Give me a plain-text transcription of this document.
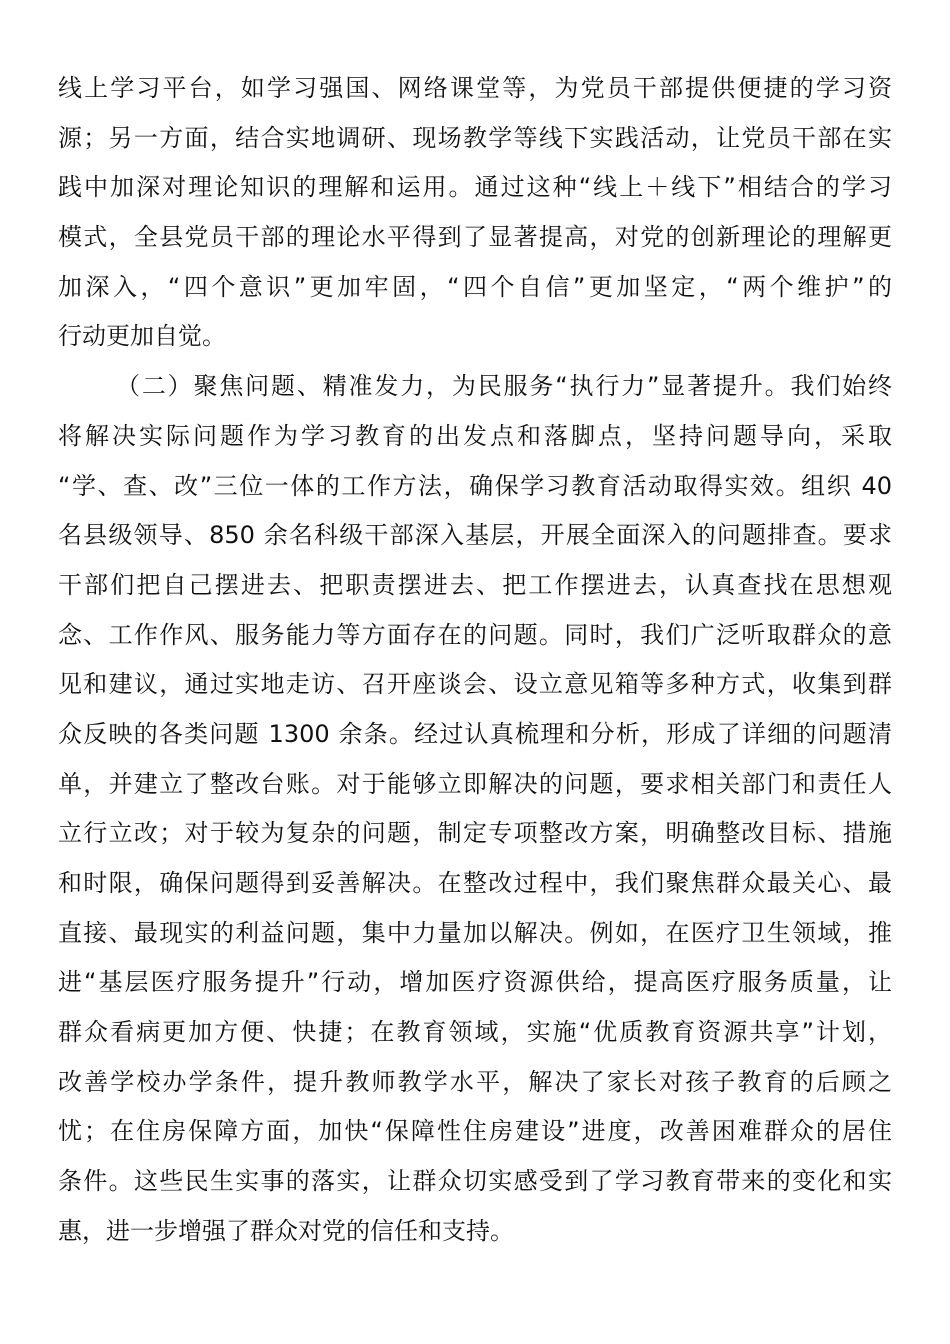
线上学习平台，如学习强国、网络课堂等，为党员干部提供便捷的学习资
源；另一方面，结合实地调研、现场教学等线下实践活动，让党员干部在实
践中加深对理论知识的理解和运用。通过这种“线上＋线下”相结合的学习
模式，全县党员干部的理论水平得到了显著提高，对党的创新理论的理解更
加深入，“四个意识”更加牢固，“四个自信”更加坚定，“两个维护”的
行动更加自觉。
（二）聚焦问题、精准发力，为民服务“执行力”显著提升。我们始终
将解决实际问题作为学习教育的出发点和落脚点，坚持问题导向，采取
“学、查、改”三位一体的工作方法，确保学习教育活动取得实效。组织 40
名县级领导、850 余名科级干部深入基层，开展全面深入的问题排查。要求
干部们把自己摆进去、把职责摆进去、把工作摆进去，认真查找在思想观
念、工作作风、服务能力等方面存在的问题。同时，我们广泛听取群众的意
见和建议，通过实地走访、召开座谈会、设立意见箱等多种方式，收集到群
众反映的各类问题 1300 余条。经过认真梳理和分析，形成了详细的问题清
单，并建立了整改台账。对于能够立即解决的问题，要求相关部门和责任人
立行立改；对于较为复杂的问题，制定专项整改方案，明确整改目标、措施
和时限，确保问题得到妥善解决。在整改过程中，我们聚焦群众最关心、最
直接、最现实的利益问题，集中力量加以解决。例如，在医疗卫生领域，推
进“基层医疗服务提升”行动，增加医疗资源供给，提高医疗服务质量，让
群众看病更加方便、快捷；在教育领域，实施“优质教育资源共享”计划，
改善学校办学条件，提升教师教学水平，解决了家长对孩子教育的后顾之
忧；在住房保障方面，加快“保障性住房建设”进度，改善困难群众的居住
条件。这些民生实事的落实，让群众切实感受到了学习教育带来的变化和实
惠，进一步增强了群众对党的信任和支持。
